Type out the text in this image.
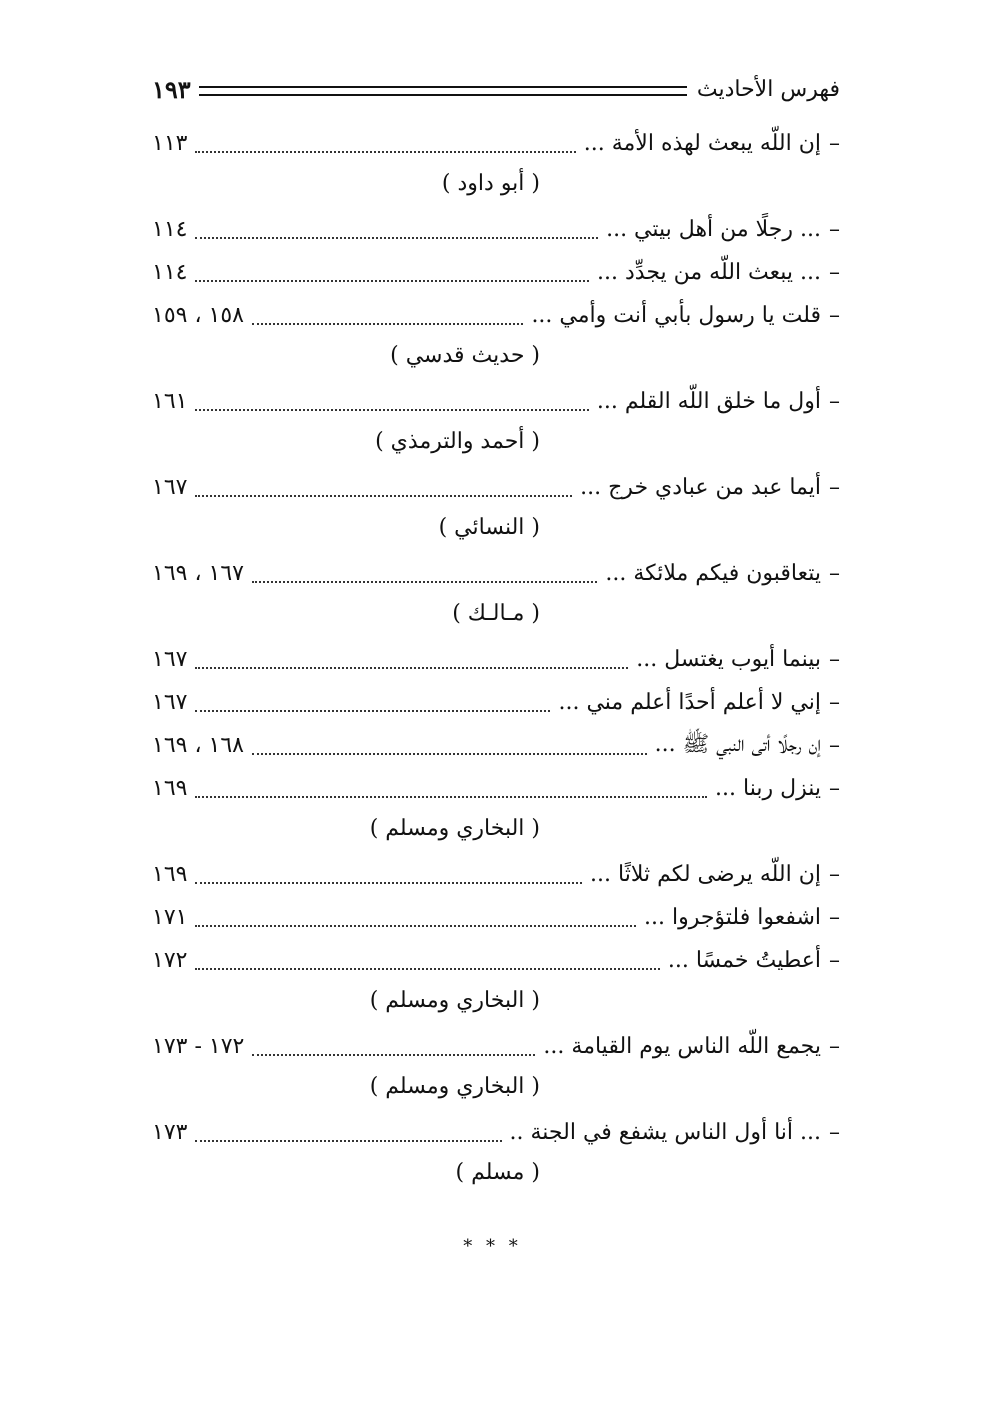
فهرس الأحاديث
١٩٣
–
إن اللّه يبعث لهذه الأمة ...
١١٣
( أبو داود )
–
... رجلًا من أهل بيتي ...
١١٤
–
... يبعث اللّه من يجدِّد ...
١١٤
–
قلت يا رسول بأبي أنت وأمي ...
١٥٨ ، ١٥٩
( حديث قدسي )
–
أول ما خلق اللّه القلم ...
١٦١
( أحمد والترمذي )
–
أيما عبد من عبادي خرج ...
١٦٧
( النسائي )
–
يتعاقبون فيكم ملائكة ...
١٦٧ ، ١٦٩
( مـالـك )
–
بينما أيوب يغتسل ...
١٦٧
–
إني لا أعلم أحدًا أعلم مني ...
١٦٧
–
إن رجلًا أتى النبي ﷺ ...
١٦٨ ، ١٦٩
–
ينزل ربنا ...
١٦٩
( البخاري ومسلم )
–
إن اللّه يرضى لكم ثلاثًا ...
١٦٩
–
اشفعوا فلتؤجروا ...
١٧١
–
أعطيتُ خمسًا ...
١٧٢
( البخاري ومسلم )
–
يجمع اللّه الناس يوم القيامة ...
١٧٢ - ١٧٣
( البخاري ومسلم )
–
... أنا أول الناس يشفع في الجنة ..
١٧٣
( مسلم )
* * *
